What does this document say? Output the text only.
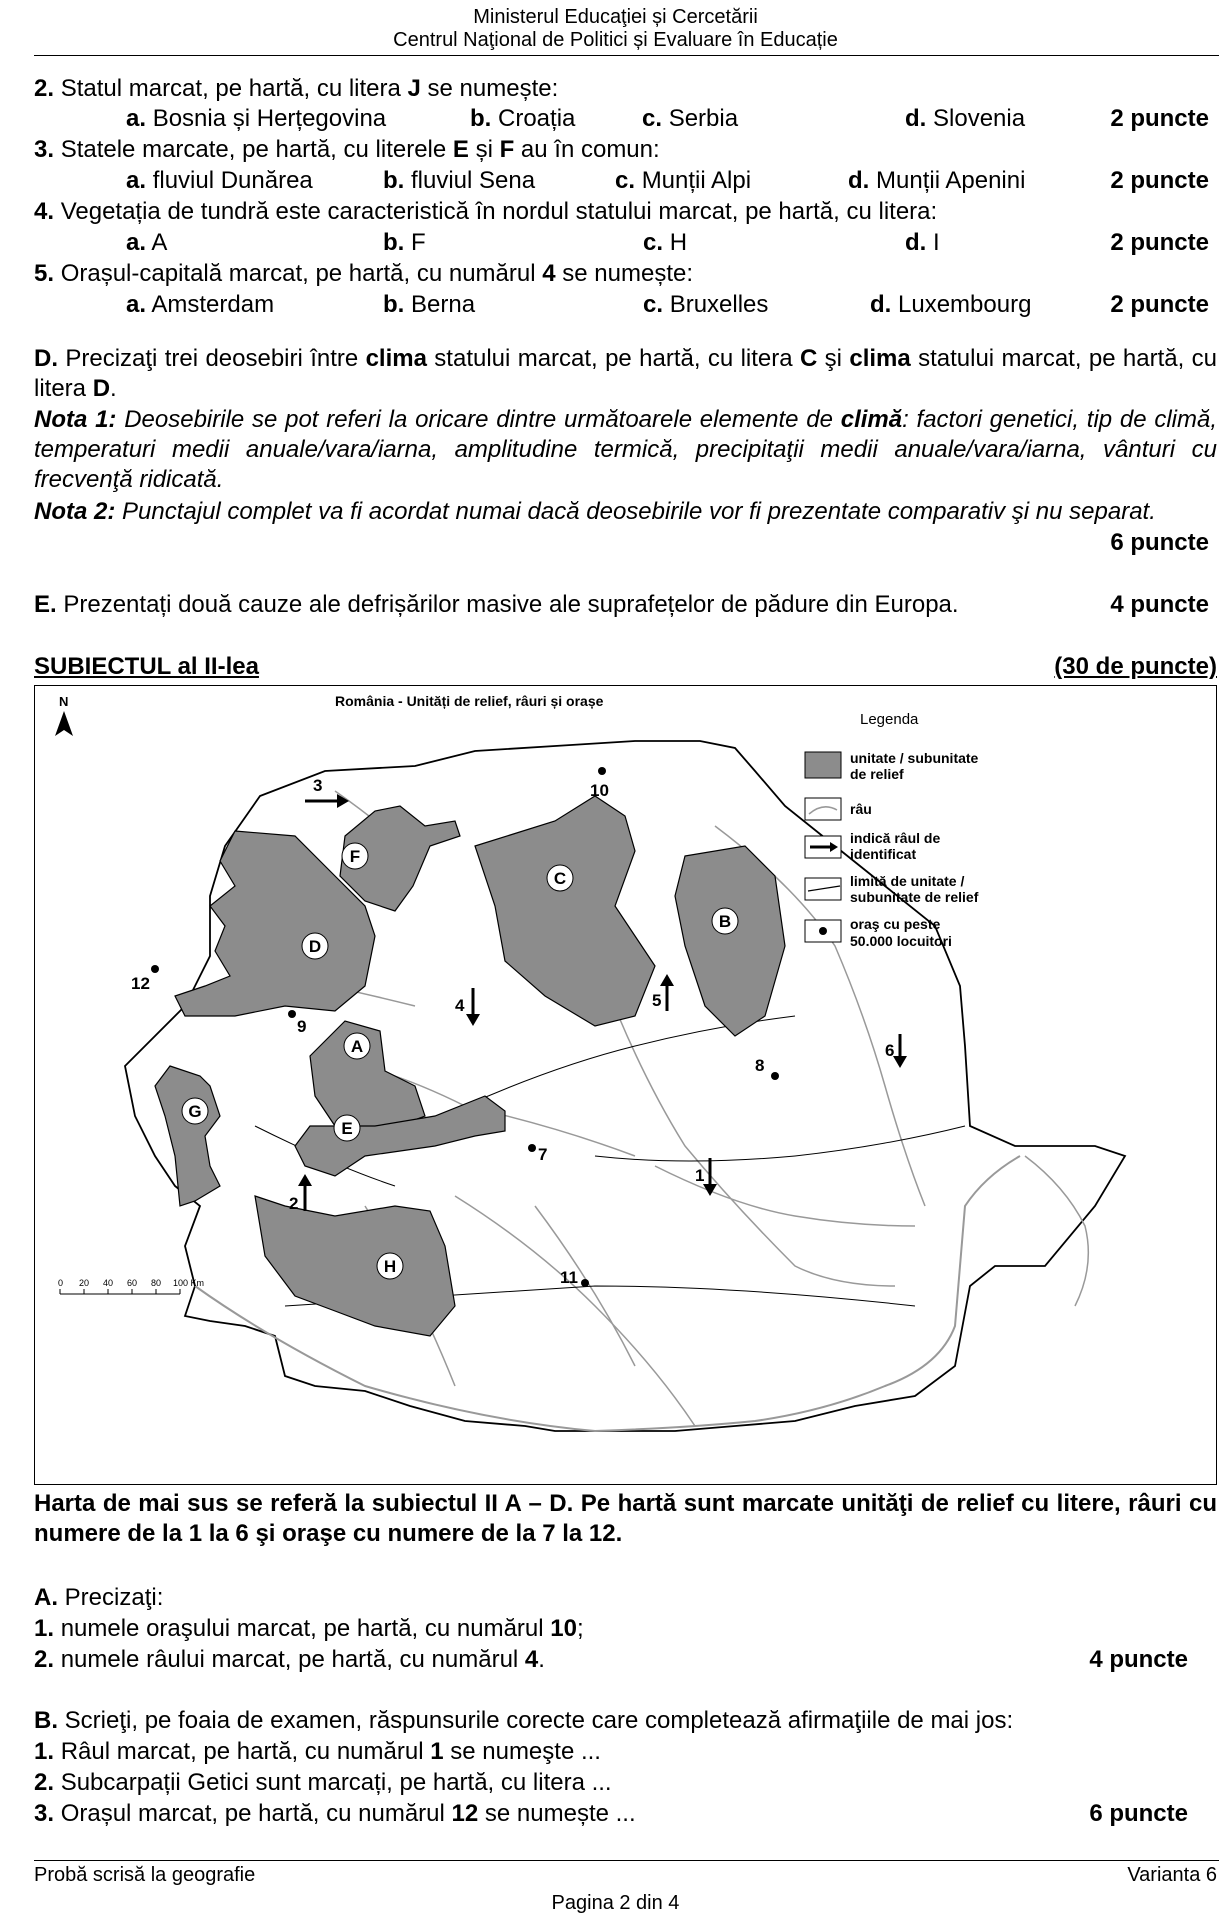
Ministerul Educaţiei și Cercetării
Centrul Naţional de Politici și Evaluare în Educație
2. Statul marcat, pe hartă, cu litera J se numește:
a. Bosnia și Herțegovina	b. Croația	c. Serbia	d. Slovenia	2 puncte
3. Statele marcate, pe hartă, cu literele E și F au în comun:
a. fluviul Dunărea	b. fluviul Sena	c. Munții Alpi	d. Munții Apenini	2 puncte
4. Vegetația de tundră este caracteristică în nordul statului marcat, pe hartă, cu litera:
a. A	b. F	c. H	d. I	2 puncte
5. Orașul-capitală marcat, pe hartă, cu numărul 4 se numește:
a. Amsterdam	b. Berna	c. Bruxelles	d. Luxembourg	2 puncte
D. Precizaţi trei deosebiri între clima statului marcat, pe hartă, cu litera C şi clima statului marcat, pe hartă, cu litera D.
Nota 1: Deosebirile se pot referi la oricare dintre următoarele elemente de climă: factori genetici, tip de climă, temperaturi medii anuale/vara/iarna, amplitudine termică, precipitaţii medii anuale/vara/iarna, vânturi cu frecvenţă ridicată.
Nota 2: Punctajul complet va fi acordat numai dacă deosebirile vor fi prezentate comparativ şi nu separat.
6 puncte
E. Prezentați două cauze ale defrișărilor masive ale suprafețelor de pădure din Europa.	4 puncte
SUBIECTUL al II-lea	(30 de puncte)
F
D
C
B
A
E
G
H
3
4	5
6
1
2
10
12
9
8
7
11
N	România - Unități de relief, râuri și orașe
0 20 40 60 80 100 Km
Legenda
unitate / subunitate
de relief
râu
indică râul de
identificat
limită de unitate /
subunitate de relief
oraş cu peste
50.000 locuitori
Harta de mai sus se referă la subiectul II A – D. Pe hartă sunt marcate unităţi de relief cu litere, râuri cu numere de la 1 la 6 şi oraşe cu numere de la 7 la 12.
A. Precizaţi:
1. numele oraşului marcat, pe hartă, cu numărul 10;
2. numele râului marcat, pe hartă, cu numărul 4.	4 puncte
B. Scrieţi, pe foaia de examen, răspunsurile corecte care completează afirmaţiile de mai jos:
1. Râul marcat, pe hartă, cu numărul 1 se numeşte ...
2. Subcarpații Getici sunt marcați, pe hartă, cu litera ...
3. Orașul marcat, pe hartă, cu numărul 12 se numește ...	6 puncte
Probă scrisă la geografie	Varianta 6
Pagina 2 din 4
